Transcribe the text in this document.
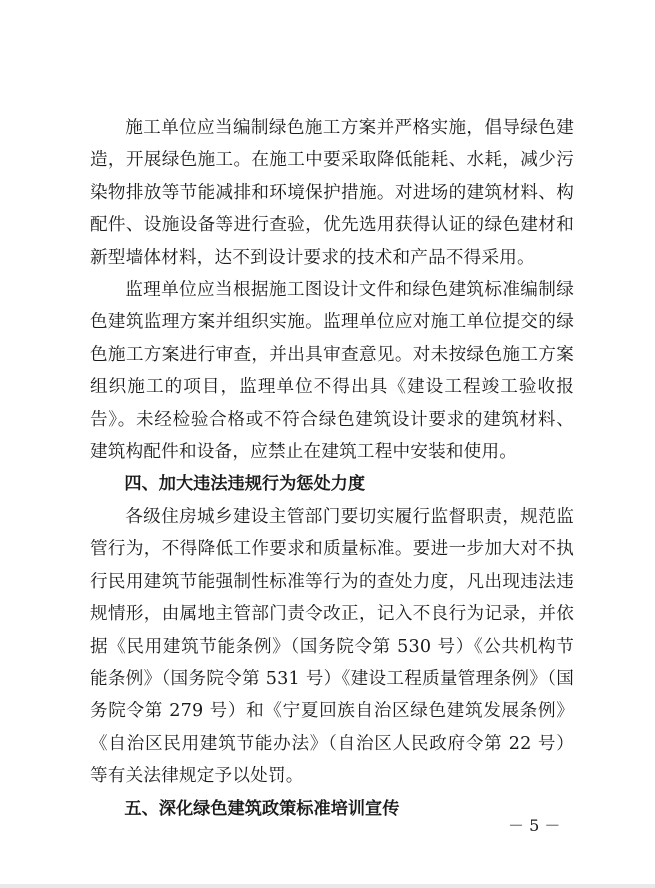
施工单位应当编制绿色施工方案并严格实施，倡导绿色建造，开展绿色施工。在施工中要采取降低能耗、水耗，减少污染物排放等节能减排和环境保护措施。对进场的建筑材料、构配件、设施设备等进行查验，优先选用获得认证的绿色建材和新型墙体材料，达不到设计要求的技术和产品不得采用。

监理单位应当根据施工图设计文件和绿色建筑标准编制绿色建筑监理方案并组织实施。监理单位应对施工单位提交的绿色施工方案进行审查，并出具审查意见。对未按绿色施工方案组织施工的项目，监理单位不得出具《建设工程竣工验收报告》。未经检验合格或不符合绿色建筑设计要求的建筑材料、建筑构配件和设备，应禁止在建筑工程中安装和使用。

四、加大违法违规行为惩处力度

各级住房城乡建设主管部门要切实履行监督职责，规范监管行为，不得降低工作要求和质量标准。要进一步加大对不执行民用建筑节能强制性标准等行为的查处力度，凡出现违法违规情形，由属地主管部门责令改正，记入不良行为记录，并依据《民用建筑节能条例》（国务院令第 530 号）《公共机构节能条例》（国务院令第 531 号）《建设工程质量管理条例》（国务院令第 279 号）和《宁夏回族自治区绿色建筑发展条例》《自治区民用建筑节能办法》（自治区人民政府令第 22 号）等有关法律规定予以处罚。

五、深化绿色建筑政策标准培训宣传

－ 5 －
